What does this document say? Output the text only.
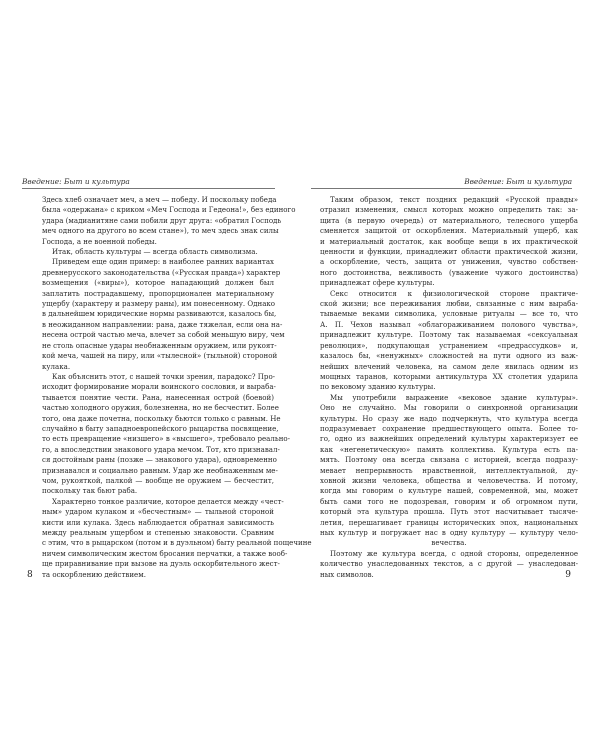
Введение: Быт и культура
Здесь хлеб означает меч, а меч — победу. И поскольку победа
была «одержана» с криком «Меч Господа и Гедеона!», без единого
удара (мадианитяне сами побили друг друга: «обратил Господь
меч одного на другого во всем стане»), то меч здесь знак силы
Господа, а не военной победы.
Итак, область культуры — всегда область символизма.
Приведем еще один пример: в наиболее ранних вариантах
древнерусского законодательства («Русская правда») характер
возмещения («виры»), которое нападающий должен был
заплатить пострадавшему, пропорционален материальному
ущербу (характеру и размеру раны), им понесенному. Однако
в дальнейшем юридические нормы развиваются, казалось бы,
в неожиданном направлении: рана, даже тяжелая, если она на-
несена острой частью меча, влечет за собой меньшую виру, чем
не столь опасные удары необнаженным оружием, или рукоят-
кой меча, чашей на пиру, или «тылесной» (тыльной) стороной
кулака.
Как объяснить этот, с нашей точки зрения, парадокс? Про-
исходит формирование морали воинского сословия, и выраба-
тывается понятие чести. Рана, нанесенная острой (боевой)
частью холодного оружия, болезненна, но не бесчестит. Более
того, она даже почетна, поскольку бьются только с равным. Не
случайно в быту западноевропейского рыцарства посвящение,
то есть превращение «низшего» в «высшего», требовало реально-
го, а впоследствии знакового удара мечом. Тот, кто признавал-
ся достойным раны (позже — знакового удара), одновременно
признавался и социально равным. Удар же необнаженным ме-
чом, рукояткой, палкой — вообще не оружием — бесчестит,
поскольку так бьют раба.
Характерно тонкое различие, которое делается между «чест-
ным» ударом кулаком и «бесчестным» — тыльной стороной
кисти или кулака. Здесь наблюдается обратная зависимость
между реальным ущербом и степенью знаковости. Сравним
с этим, что в рыцарском (потом и в дуэльном) быту реальной пощечине
ничем символическим жестом бросания перчатки, а также вооб-
ще приравнивание при вызове на дуэль оскорбительного жест-
та оскорблению действием.
8
Введение: Быт и культура
Таким образом, текст поздних редакций «Русской правды»
отразил изменения, смысл которых можно определить так: за-
щита (в первую очередь) от материального, телесного ущерба
сменяется защитой от оскорбления. Материальный ущерб, как
и материальный достаток, как вообще вещи в их практической
ценности и функции, принадлежит области практической жизни,
а оскорбление, честь, защита от унижения, чувство собствен-
ного достоинства, вежливость (уважение чужого достоинства)
принадлежат сфере культуры.
Секс относится к физиологической стороне практиче-
ской жизни; все переживания любви, связанные с ним выраба-
тываемые веками символика, условные ритуалы — все то, что
А. П. Чехов называл «облагораживанием полового чувства»,
принадлежит культуре. Поэтому так называемая «сексуальная
революция», подкупающая устранением «предрассудков» и,
казалось бы, «ненужных» сложностей на пути одного из важ-
нейших влечений человека, на самом деле явилась одним из
мощных таранов, которыми антикультура XX столетия ударила
по вековому зданию культуры.
Мы употребили выражение «вековое здание культуры».
Оно не случайно. Мы говорили о синхронной организации
культуры. Но сразу же надо подчеркнуть, что культура всегда
подразумевает сохранение предшествующего опыта. Более то-
го, одно из важнейших определений культуры характеризует ее
как «негенетическую» память коллектива. Культура есть па-
мять. Поэтому она всегда связана с историей, всегда подразу-
мевает непрерывность нравственной, интеллектуальной, ду-
ховной жизни человека, общества и человечества. И потому,
когда мы говорим о культуре нашей, современной, мы, может
быть сами того не подозревая, говорим и об огромном пути,
который эта культура прошла. Путь этот насчитывает тысяче-
летия, перешагивает границы исторических эпох, национальных
ных культур и погружает нас в одну культуру — культуру чело-
вечества.
Поэтому же культура всегда, с одной стороны, определенное
количество унаследованных текстов, а с другой — унаследован-
ных символов.	9
